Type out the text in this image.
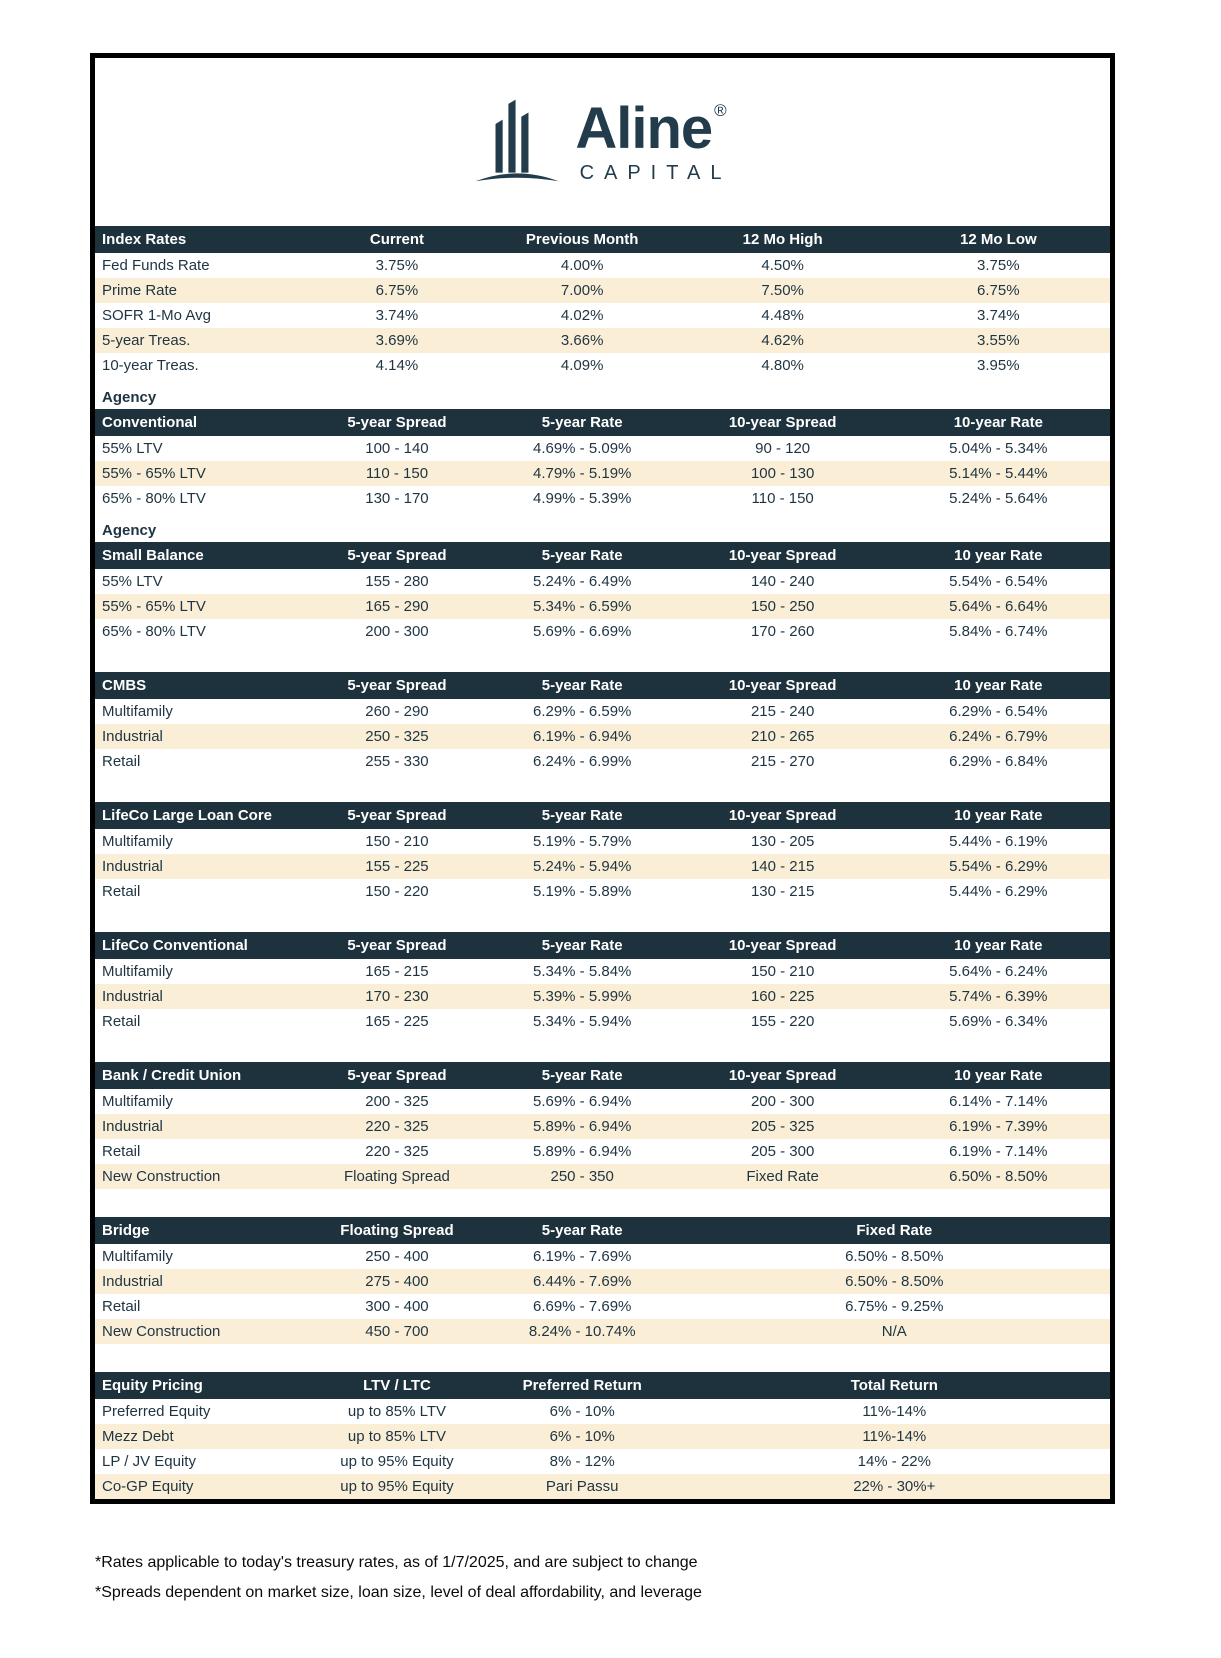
Aline ®
CAPITAL
Index Rates	Current	Previous Month	12 Mo High	12 Mo Low
Fed Funds Rate	3.75%	4.00%	4.50%	3.75%
Prime Rate	6.75%	7.00%	7.50%	6.75%
SOFR 1-Mo Avg	3.74%	4.02%	4.48%	3.74%
5-year Treas.	3.69%	3.66%	4.62%	3.55%
10-year Treas.	4.14%	4.09%	4.80%	3.95%
Agency
Conventional	5-year Spread	5-year Rate	10-year Spread	10-year Rate
55% LTV	100 - 140	4.69% - 5.09%	90 - 120	5.04% - 5.34%
55% - 65% LTV	110 - 150	4.79% - 5.19%	100 - 130	5.14% - 5.44%
65% - 80% LTV	130 - 170	4.99% - 5.39%	110 - 150	5.24% - 5.64%
Agency
Small Balance	5-year Spread	5-year Rate	10-year Spread	10 year Rate
55% LTV	155 - 280	5.24% - 6.49%	140 - 240	5.54% - 6.54%
55% - 65% LTV	165 - 290	5.34% - 6.59%	150 - 250	5.64% - 6.64%
65% - 80% LTV	200 - 300	5.69% - 6.69%	170 - 260	5.84% - 6.74%
CMBS	5-year Spread	5-year Rate	10-year Spread	10 year Rate
Multifamily	260 - 290	6.29% - 6.59%	215 - 240	6.29% - 6.54%
Industrial	250 - 325	6.19% - 6.94%	210 - 265	6.24% - 6.79%
Retail	255 - 330	6.24% - 6.99%	215 - 270	6.29% - 6.84%
LifeCo Large Loan Core	5-year Spread	5-year Rate	10-year Spread	10 year Rate
Multifamily	150 - 210	5.19% - 5.79%	130 - 205	5.44% - 6.19%
Industrial	155 - 225	5.24% - 5.94%	140 - 215	5.54% - 6.29%
Retail	150 - 220	5.19% - 5.89%	130 - 215	5.44% - 6.29%
LifeCo Conventional	5-year Spread	5-year Rate	10-year Spread	10 year Rate
Multifamily	165 - 215	5.34% - 5.84%	150 - 210	5.64% - 6.24%
Industrial	170 - 230	5.39% - 5.99%	160 - 225	5.74% - 6.39%
Retail	165 - 225	5.34% - 5.94%	155 - 220	5.69% - 6.34%
Bank / Credit Union	5-year Spread	5-year Rate	10-year Spread	10 year Rate
Multifamily	200 - 325	5.69% - 6.94%	200 - 300	6.14% - 7.14%
Industrial	220 - 325	5.89% - 6.94%	205 - 325	6.19% - 7.39%
Retail	220 - 325	5.89% - 6.94%	205 - 300	6.19% - 7.14%
New Construction	Floating Spread	250 - 350	Fixed Rate	6.50% - 8.50%
Bridge	Floating Spread	5-year Rate	Fixed Rate
Multifamily	250 - 400	6.19% - 7.69%	6.50% - 8.50%
Industrial	275 - 400	6.44% - 7.69%	6.50% - 8.50%
Retail	300 - 400	6.69% - 7.69%	6.75% - 9.25%
New Construction	450 - 700	8.24% - 10.74%	N/A
Equity Pricing	LTV / LTC	Preferred Return	Total Return
Preferred Equity	up to 85% LTV	6% - 10%	11%-14%
Mezz Debt	up to 85% LTV	6% - 10%	11%-14%
LP / JV Equity	up to 95% Equity	8% - 12%	14% - 22%
Co-GP Equity	up to 95% Equity	Pari Passu	22% - 30%+
*Rates applicable to today's treasury rates, as of 1/7/2025, and are subject to change
*Spreads dependent on market size, loan size, level of deal affordability, and leverage
